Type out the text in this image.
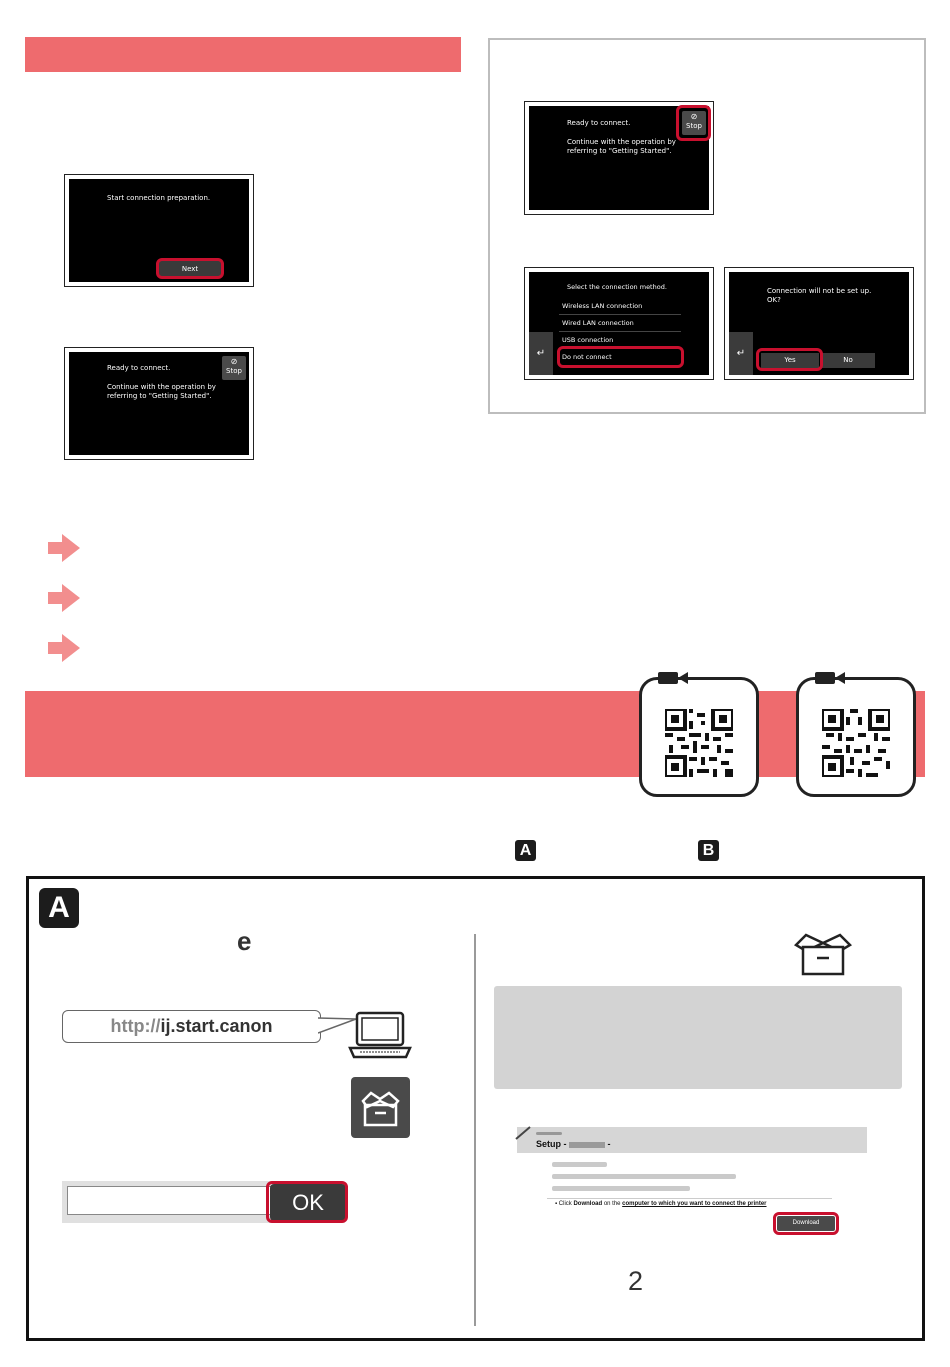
Start connection preparation.
Next
Ready to connect.
Continue with the operation by
referring to "Getting Started".
⊘
Stop
Ready to connect.
Continue with the operation by
referring to "Getting Started".
⊘
Stop
Select the connection method.
Wireless LAN connection
Wired LAN connection
USB connection
Do not connect
↵
Connection will not be set up.
OK?
↵
Yes	No
A	B
A
e
http://ij.start.canon
OK
Setup -	-
▪ Click Download on the computer to which you want to connect the printer
Download
2
